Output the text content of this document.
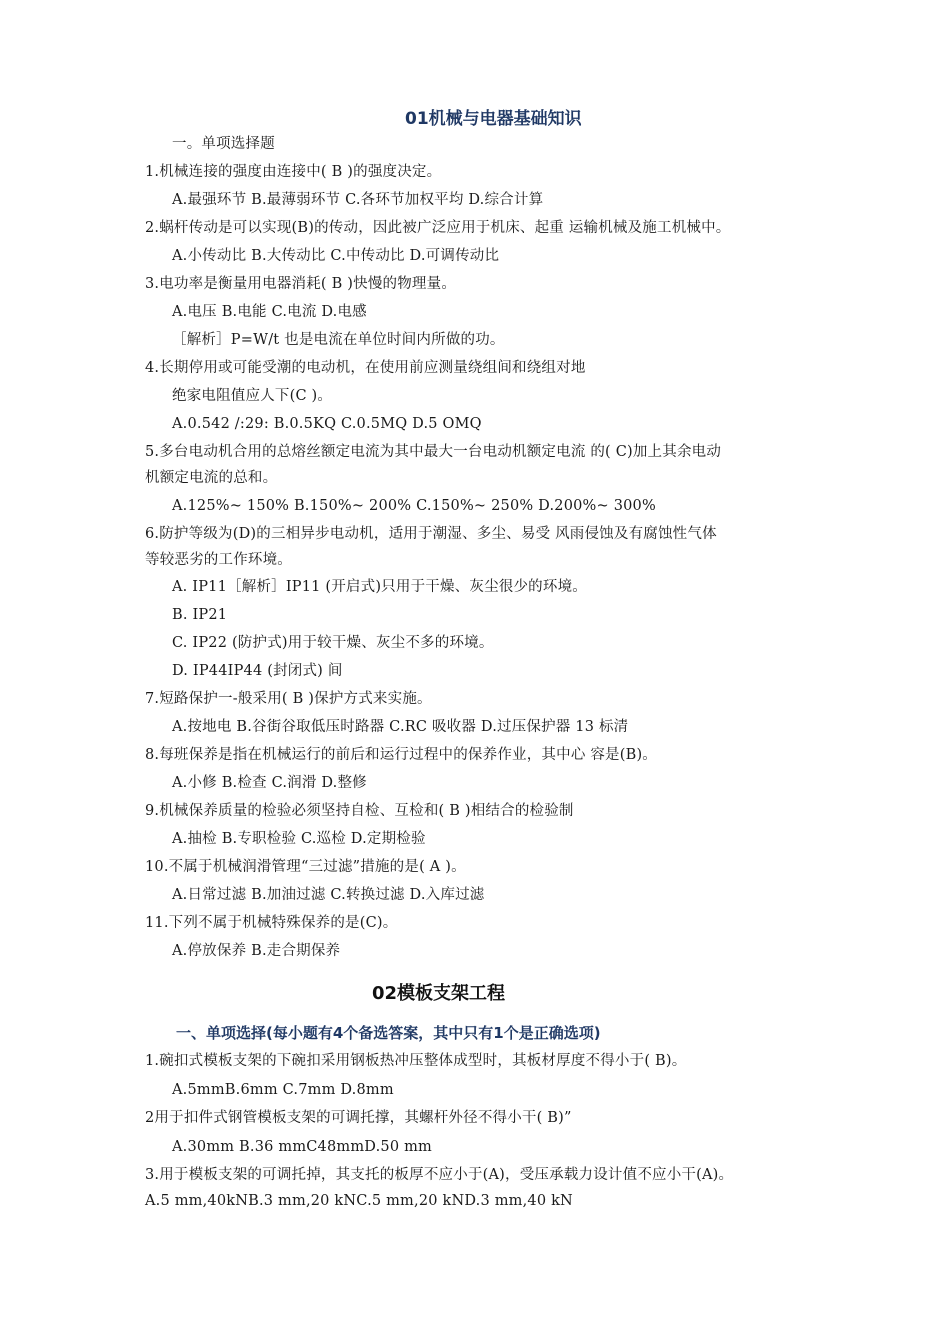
01机械与电器基础知识
一。单项选择题
1.机械连接的强度由连接中( B )的强度决定。
A.最强环节 B.最薄弱环节 C.各环节加权平均 D.综合计算
2.蜗杆传动是可以实现(B)的传动，因此被广泛应用于机床、起重 运输机械及施工机械中。
A.小传动比 B.大传动比 C.中传动比 D.可调传动比
3.电功率是衡量用电器消耗( B )快慢的物理量。
A.电压 B.电能 C.电流 D.电感
［解析］P=W/t 也是电流在单位时间内所做的功。
4.长期停用或可能受潮的电动机，在使用前应测量绕组间和绕组对地
绝家电阻值应人下(C )。
A.0.542 /:29: B.0.5KQ C.0.5MQ D.5 OMQ
5.多台电动机合用的总熔丝额定电流为其中最大一台电动机额定电流 的( C)加上其余电动
机额定电流的总和。
A.125%~ 150% B.150%~ 200% C.150%~ 250% D.200%~ 300%
6.防护等级为(D)的三相异步电动机，适用于潮湿、多尘、易受 风雨侵蚀及有腐蚀性气体
等较恶劣的工作环境。
A. IP11［解析］IP11 (开启式)只用于干燥、灰尘很少的环境。
B. IP21
C. IP22 (防护式)用于较干燥、灰尘不多的环境。
D. IP44IP44 (封闭式) 间
7.短路保护一-般采用( B )保护方式来实施。
A.按地电 B.谷街谷取低压时路器 C.RC 吸收器 D.过压保护器 13 标清
8.每班保养是指在机械运行的前后和运行过程中的保养作业，其中心 容是(B)。
A.小修 B.检查 C.润滑 D.整修
9.机械保养质量的检验必须坚持自检、互检和( B )相结合的检验制
A.抽检 B.专职检验 C.巡检 D.定期检验
10.不属于机械润滑管理“三过滤”措施的是( A )。
A.日常过滤 B.加油过滤 C.转换过滤 D.入库过滤
11.下列不属于机械特殊保养的是(C)。
A.停放保养 B.走合期保养
02模板支架工程
一、单项选择(每小题有4个备选答案，其中只有1个是正确选项)
1.碗扣式模板支架的下碗扣采用钢板热冲压整体成型时，其板材厚度不得小于( B)。
A.5mmB.6mm C.7mm D.8mm
2用于扣件式钢管模板支架的可调托撑，其螺杆外径不得小干( B)”
A.30mm B.36 mmC48mmD.50 mm
3.用于模板支架的可调托掉，其支托的板厚不应小于(A)，受压承载力设计值不应小干(A)。
A.5 mm,40kNB.3 mm,20 kNC.5 mm,20 kND.3 mm,40 kN
